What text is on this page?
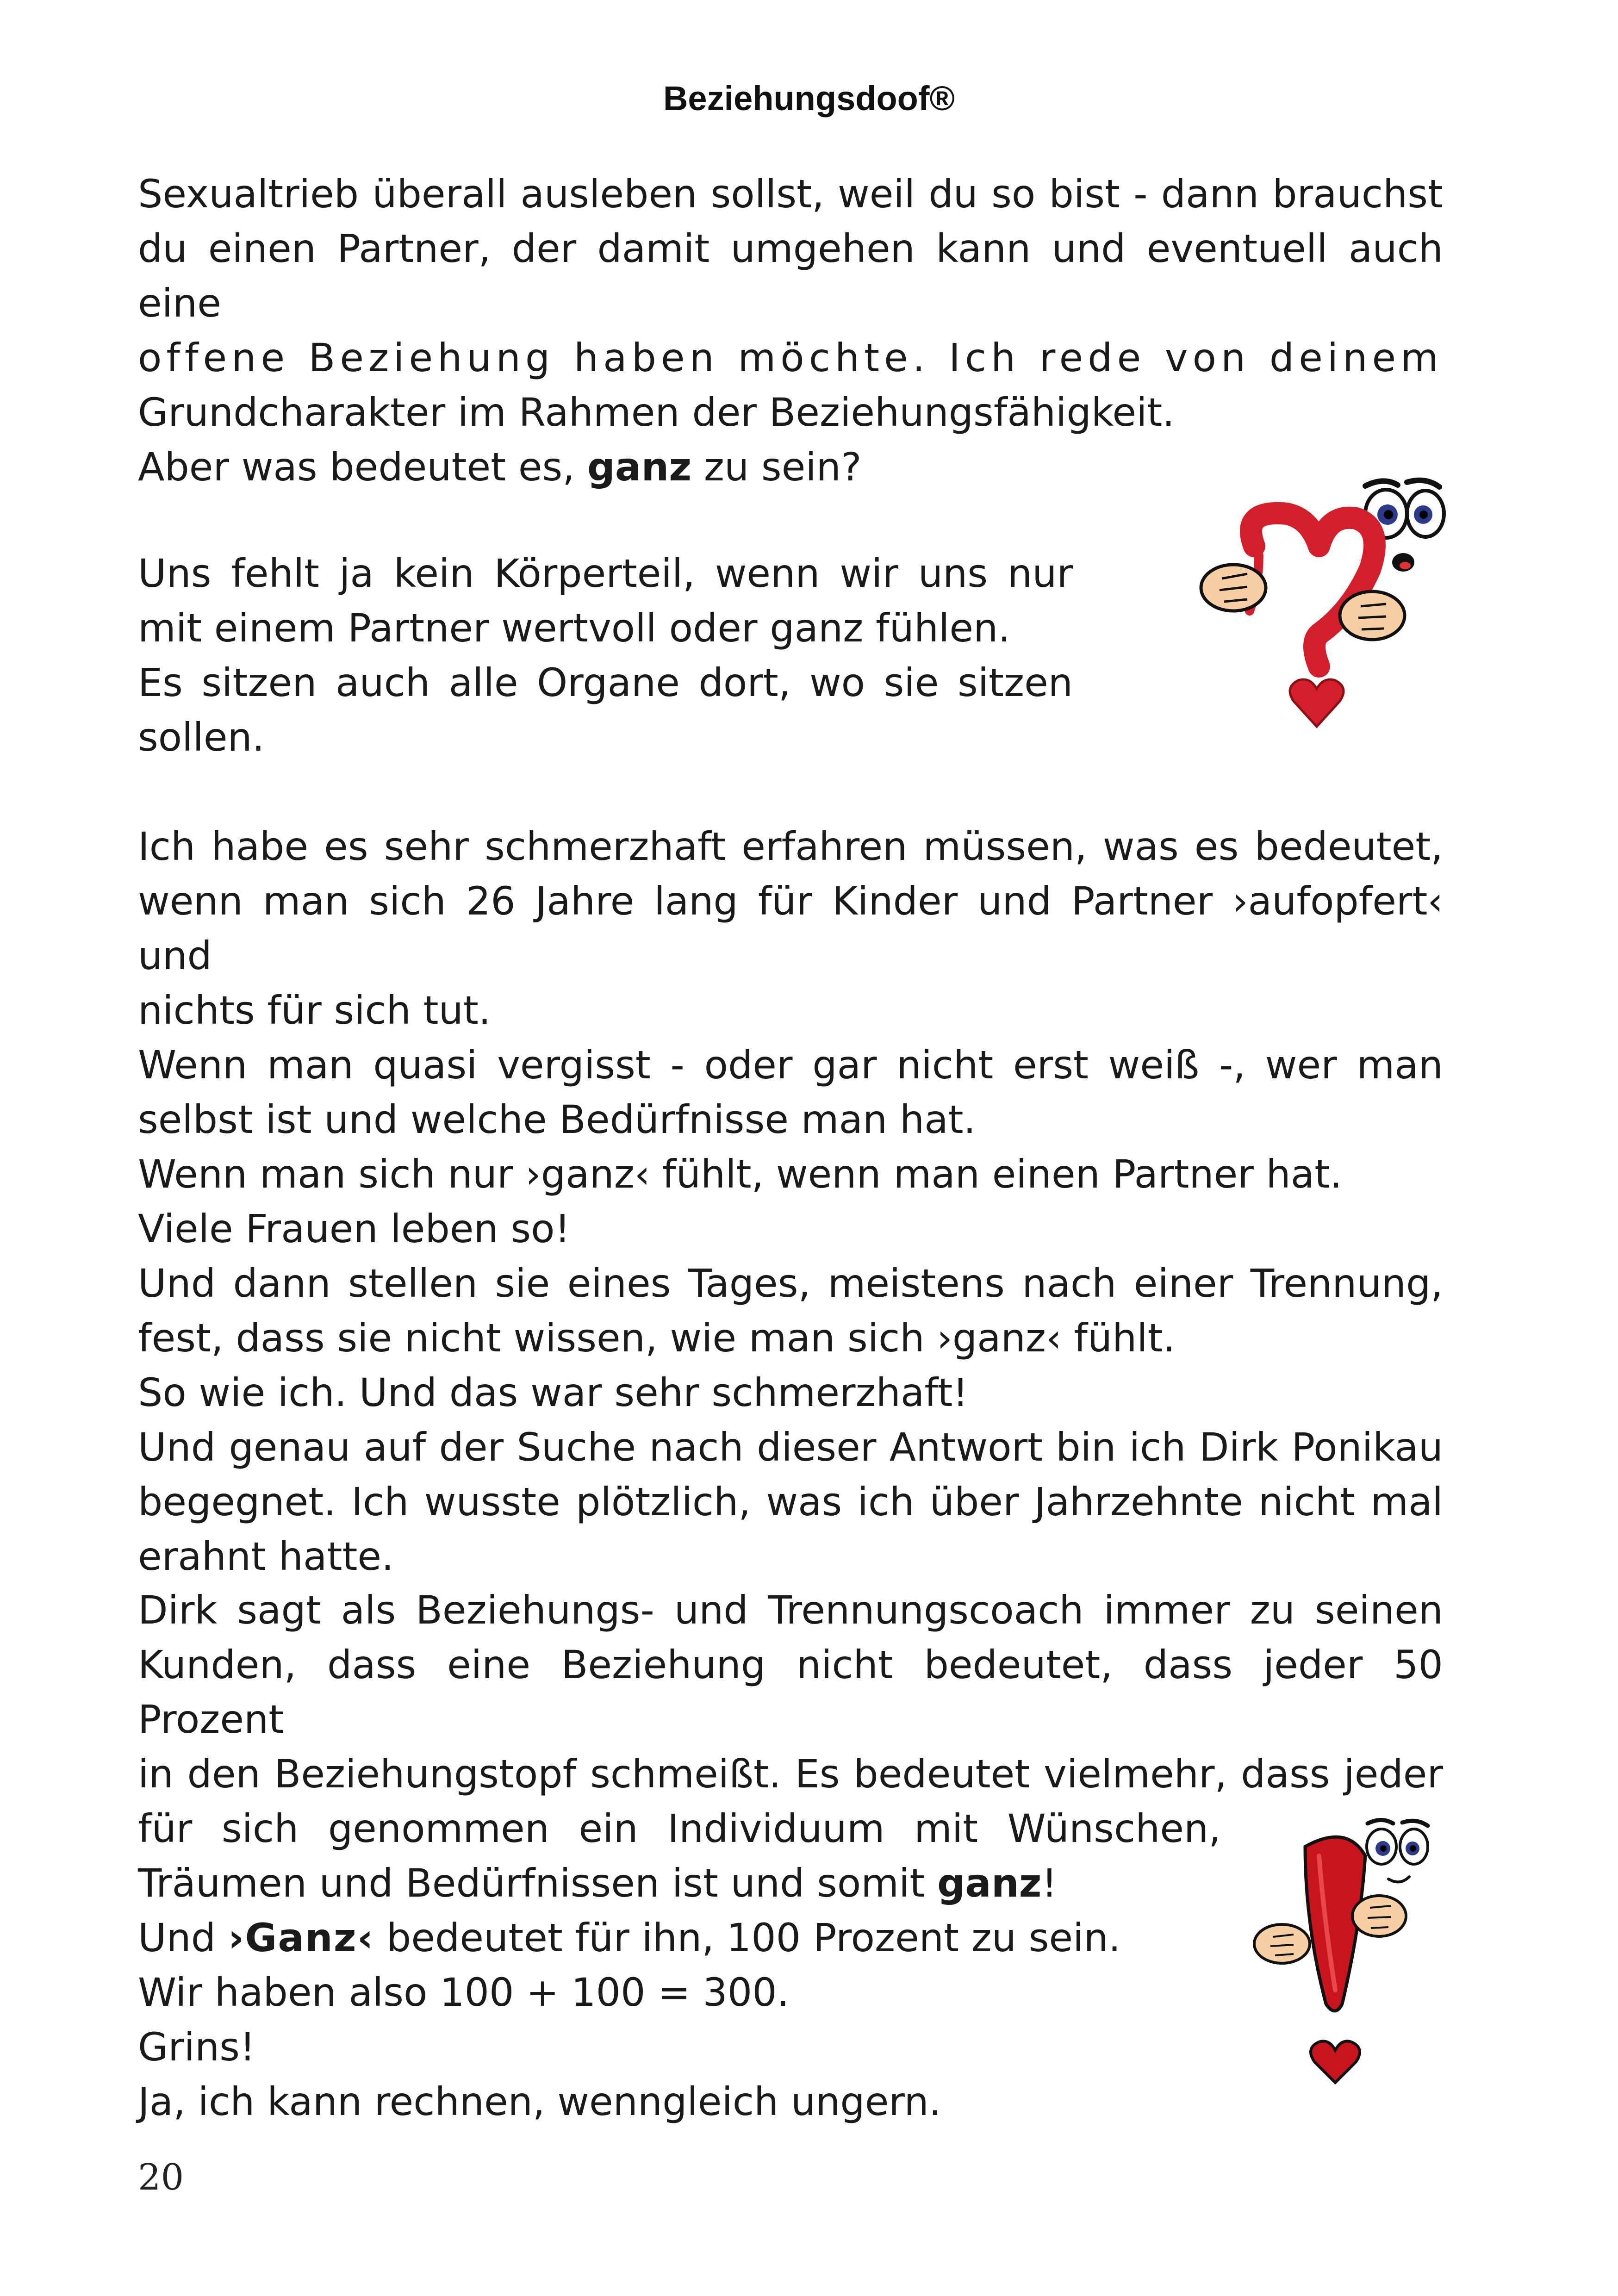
Beziehungsdoof®

Sexualtrieb überall ausleben sollst, weil du so bist - dann brauchst

du einen Partner, der damit umgehen kann und eventuell auch eine

offene Beziehung haben möchte. Ich rede von deinem

Grundcharakter im Rahmen der Beziehungsfähigkeit.

Aber was bedeutet es, ganz zu sein?

Uns fehlt ja kein Körperteil, wenn wir uns nur

mit einem Partner wertvoll oder ganz fühlen.

Es sitzen auch alle Organe dort, wo sie sitzen

sollen.

Ich habe es sehr schmerzhaft erfahren müssen, was es bedeutet,

wenn man sich 26 Jahre lang für Kinder und Partner ›aufopfert‹ und

nichts für sich tut.

Wenn man quasi vergisst - oder gar nicht erst weiß -, wer man

selbst ist und welche Bedürfnisse man hat.

Wenn man sich nur ›ganz‹ fühlt, wenn man einen Partner hat.

Viele Frauen leben so!

Und dann stellen sie eines Tages, meistens nach einer Trennung,

fest, dass sie nicht wissen, wie man sich ›ganz‹ fühlt.

So wie ich. Und das war sehr schmerzhaft!

Und genau auf der Suche nach dieser Antwort bin ich Dirk Ponikau

begegnet. Ich wusste plötzlich, was ich über Jahrzehnte nicht mal

erahnt hatte.

Dirk sagt als Beziehungs- und Trennungscoach immer zu seinen

Kunden, dass eine Beziehung nicht bedeutet, dass jeder 50 Prozent

in den Beziehungstopf schmeißt. Es bedeutet vielmehr, dass jeder

für sich genommen ein Individuum mit Wünschen,

Träumen und Bedürfnissen ist und somit ganz!

Und ›Ganz‹ bedeutet für ihn, 100 Prozent zu sein.

Wir haben also 100 + 100 = 300.

Grins!

Ja, ich kann rechnen, wenngleich ungern.

20
